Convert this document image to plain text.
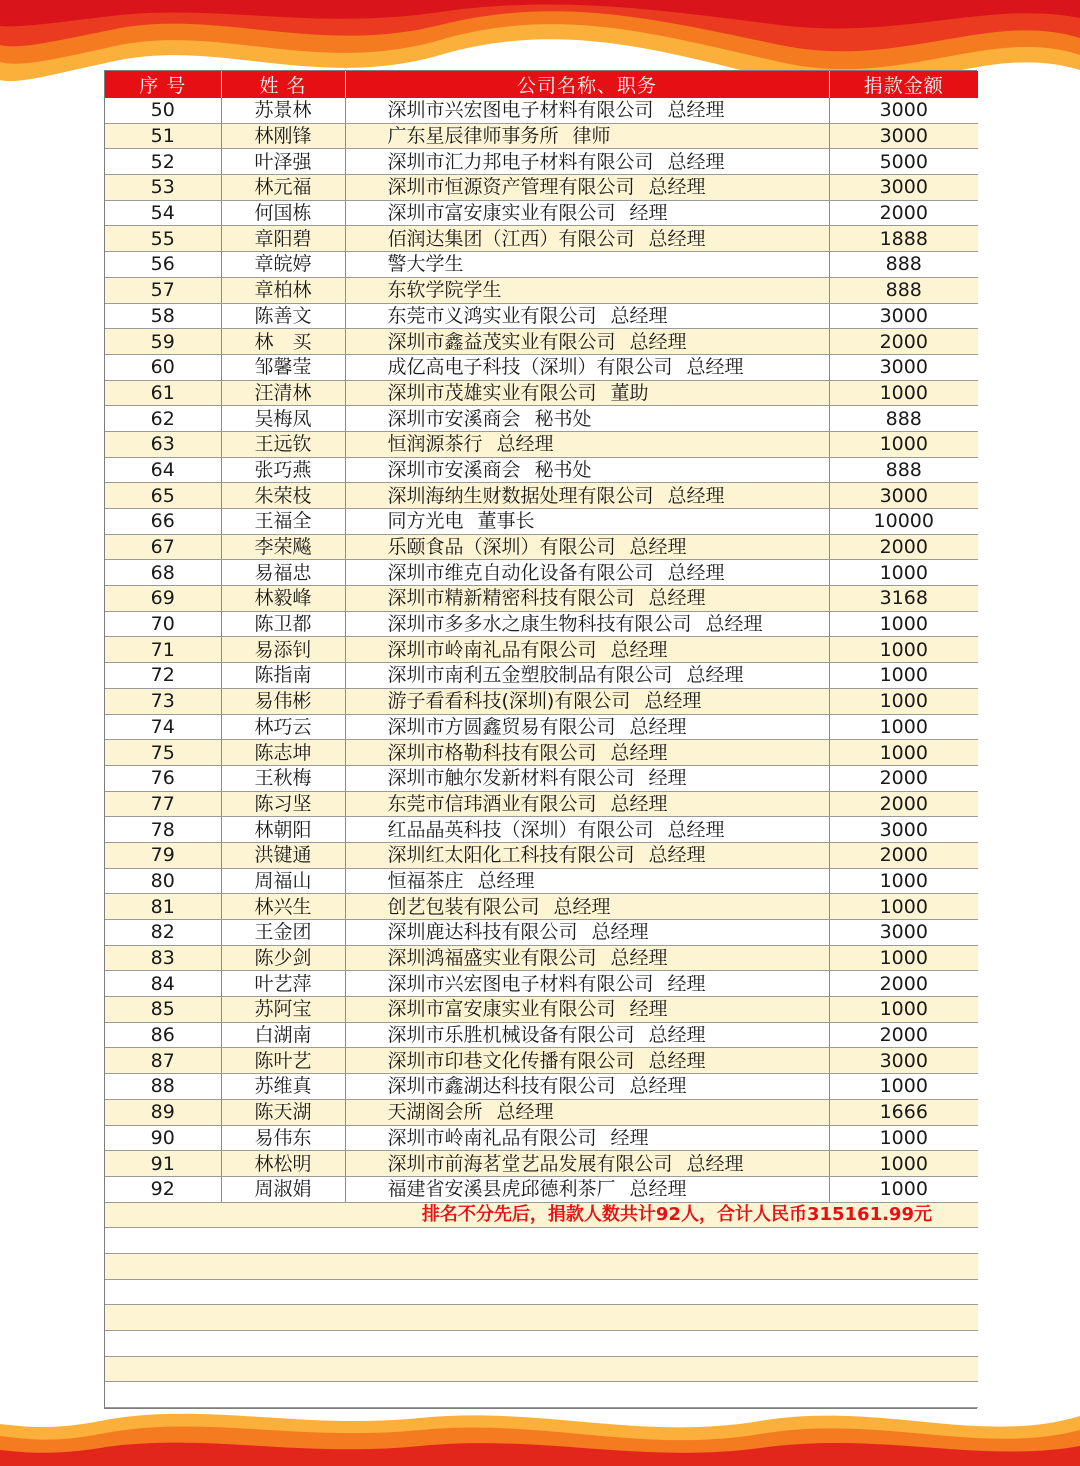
序 号	姓 名	公司名称、职务	捐款金额
50	苏景林	深圳市兴宏图电子材料有限公司 总经理	3000
51	林刚锋	广东星辰律师事务所 律师	3000
52	叶泽强	深圳市汇力邦电子材料有限公司 总经理	5000
53	林元福	深圳市恒源资产管理有限公司 总经理	3000
54	何国栋	深圳市富安康实业有限公司 经理	2000
55	章阳碧	佰润达集团（江西）有限公司 总经理	1888
56	章皖婷	警大学生	888
57	章柏林	东软学院学生	888
58	陈善文	东莞市义鸿实业有限公司 总经理	3000
59	林　买	深圳市鑫益茂实业有限公司 总经理	2000
60	邹馨莹	成亿高电子科技（深圳）有限公司 总经理	3000
61	汪清林	深圳市茂雄实业有限公司 董助	1000
62	吴梅凤	深圳市安溪商会 秘书处	888
63	王远钦	恒润源茶行 总经理	1000
64	张巧燕	深圳市安溪商会 秘书处	888
65	朱荣枝	深圳海纳生财数据处理有限公司 总经理	3000
66	王福全	同方光电 董事长	10000
67	李荣飚	乐颐食品（深圳）有限公司 总经理	2000
68	易福忠	深圳市维克自动化设备有限公司 总经理	1000
69	林毅峰	深圳市精新精密科技有限公司 总经理	3168
70	陈卫都	深圳市多多水之康生物科技有限公司 总经理	1000
71	易添钊	深圳市岭南礼品有限公司 总经理	1000
72	陈指南	深圳市南利五金塑胶制品有限公司 总经理	1000
73	易伟彬	游子看看科技(深圳)有限公司 总经理	1000
74	林巧云	深圳市方圆鑫贸易有限公司 总经理	1000
75	陈志坤	深圳市格勒科技有限公司 总经理	1000
76	王秋梅	深圳市触尔发新材料有限公司 经理	2000
77	陈习坚	东莞市信玮酒业有限公司 总经理	2000
78	林朝阳	红品晶英科技（深圳）有限公司 总经理	3000
79	洪键通	深圳红太阳化工科技有限公司 总经理	2000
80	周福山	恒福茶庄 总经理	1000
81	林兴生	创艺包装有限公司 总经理	1000
82	王金团	深圳鹿达科技有限公司 总经理	3000
83	陈少剑	深圳鸿福盛实业有限公司 总经理	1000
84	叶艺萍	深圳市兴宏图电子材料有限公司 经理	2000
85	苏阿宝	深圳市富安康实业有限公司 经理	1000
86	白湖南	深圳市乐胜机械设备有限公司 总经理	2000
87	陈叶艺	深圳市印巷文化传播有限公司 总经理	3000
88	苏维真	深圳市鑫湖达科技有限公司 总经理	1000
89	陈天湖	天湖阁会所 总经理	1666
90	易伟东	深圳市岭南礼品有限公司 经理	1000
91	林松明	深圳市前海茗堂艺品发展有限公司 总经理	1000
92	周淑娟	福建省安溪县虎邱德利茶厂 总经理	1000
排名不分先后，捐款人数共计92人，合计人民币315161.99元			
